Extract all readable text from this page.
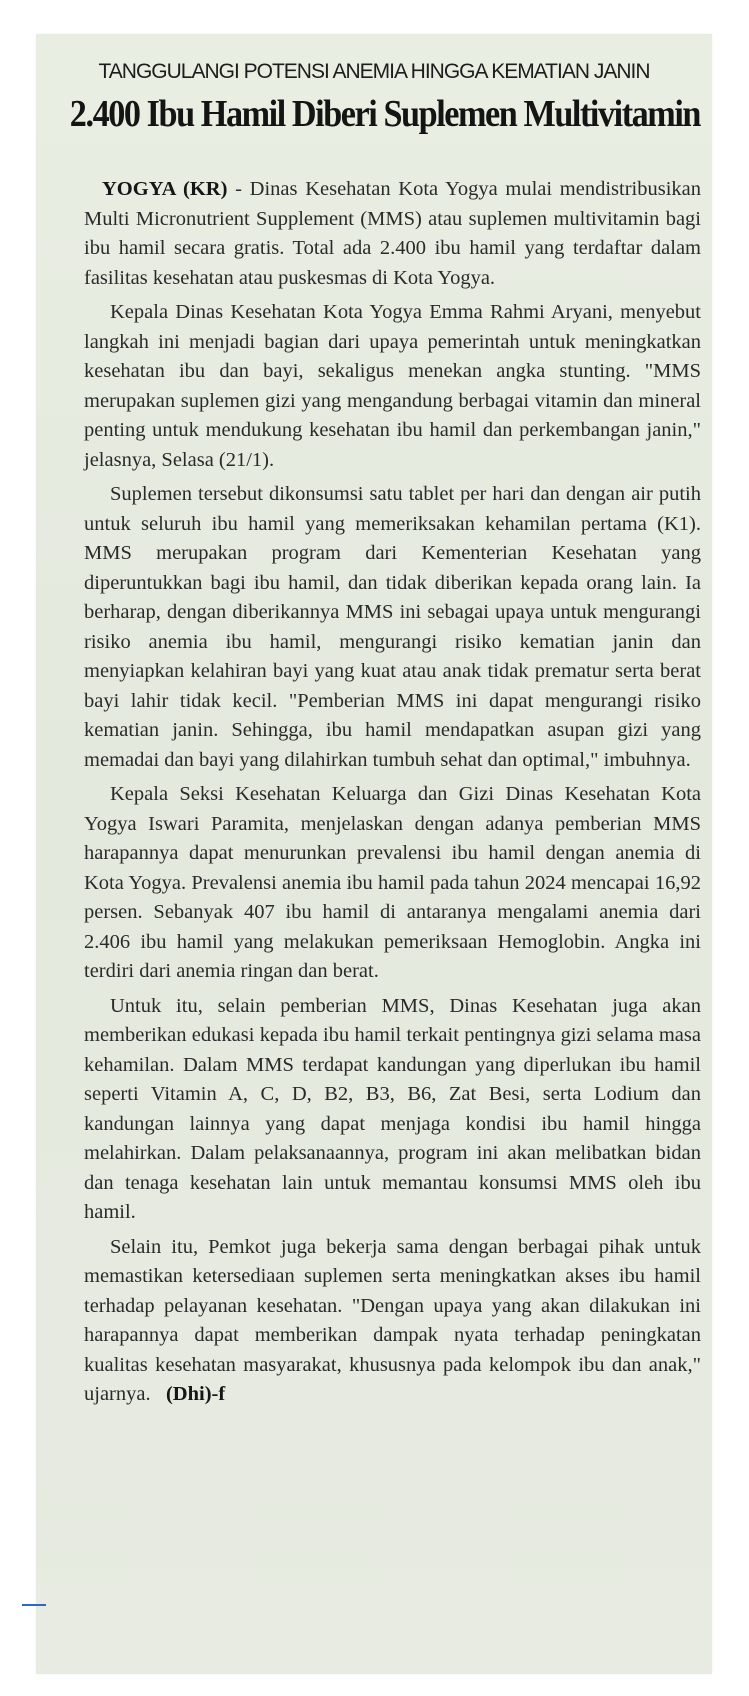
TANGGULANGI POTENSI ANEMIA HINGGA KEMATIAN JANIN
2.400 Ibu Hamil Diberi Suplemen Multivitamin

YOGYA (KR) - Dinas Kesehatan Kota Yogya mulai mendistribusikan Multi Micronutrient Supplement (MMS) atau suplemen multivitamin bagi ibu hamil secara gratis. Total ada 2.400 ibu hamil yang terdaftar dalam fasilitas kesehatan atau puskesmas di Kota Yogya.

Kepala Dinas Kesehatan Kota Yogya Emma Rahmi Aryani, menyebut langkah ini menjadi bagian dari upaya pemerintah untuk meningkatkan kesehatan ibu dan bayi, sekaligus menekan angka stunting. "MMS merupakan suplemen gizi yang mengandung berbagai vitamin dan mineral penting untuk mendukung kesehatan ibu hamil dan perkembangan janin," jelasnya, Selasa (21/1).

Suplemen tersebut dikonsumsi satu tablet per hari dan dengan air putih untuk seluruh ibu hamil yang memeriksakan kehamilan pertama (K1). MMS merupakan program dari Kementerian Kesehatan yang diperuntukkan bagi ibu hamil, dan tidak diberikan kepada orang lain. Ia berharap, dengan diberikannya MMS ini sebagai upaya untuk mengurangi risiko anemia ibu hamil, mengurangi risiko kematian janin dan menyiapkan kelahiran bayi yang kuat atau anak tidak prematur serta berat bayi lahir tidak kecil. "Pemberian MMS ini dapat mengurangi risiko kematian janin. Sehingga, ibu hamil mendapatkan asupan gizi yang memadai dan bayi yang dilahirkan tumbuh sehat dan optimal," imbuhnya.

Kepala Seksi Kesehatan Keluarga dan Gizi Dinas Kesehatan Kota Yogya Iswari Paramita, menjelaskan dengan adanya pemberian MMS harapannya dapat menurunkan prevalensi ibu hamil dengan anemia di Kota Yogya. Prevalensi anemia ibu hamil pada tahun 2024 mencapai 16,92 persen. Sebanyak 407 ibu hamil di antaranya mengalami anemia dari 2.406 ibu hamil yang melakukan pemeriksaan Hemoglobin. Angka ini terdiri dari anemia ringan dan berat.

Untuk itu, selain pemberian MMS, Dinas Kesehatan juga akan memberikan edukasi kepada ibu hamil terkait pentingnya gizi selama masa kehamilan. Dalam MMS terdapat kandungan yang diperlukan ibu hamil seperti Vitamin A, C, D, B2, B3, B6, Zat Besi, serta Lodium dan kandungan lainnya yang dapat menjaga kondisi ibu hamil hingga melahirkan. Dalam pelaksanaannya, program ini akan melibatkan bidan dan tenaga kesehatan lain untuk memantau konsumsi MMS oleh ibu hamil.

Selain itu, Pemkot juga bekerja sama dengan berbagai pihak untuk memastikan ketersediaan suplemen serta meningkatkan akses ibu hamil terhadap pelayanan kesehatan. "Dengan upaya yang akan dilakukan ini harapannya dapat memberikan dampak nyata terhadap peningkatan kualitas kesehatan masyarakat, khususnya pada kelompok ibu dan anak," ujarnya. (Dhi)-f
